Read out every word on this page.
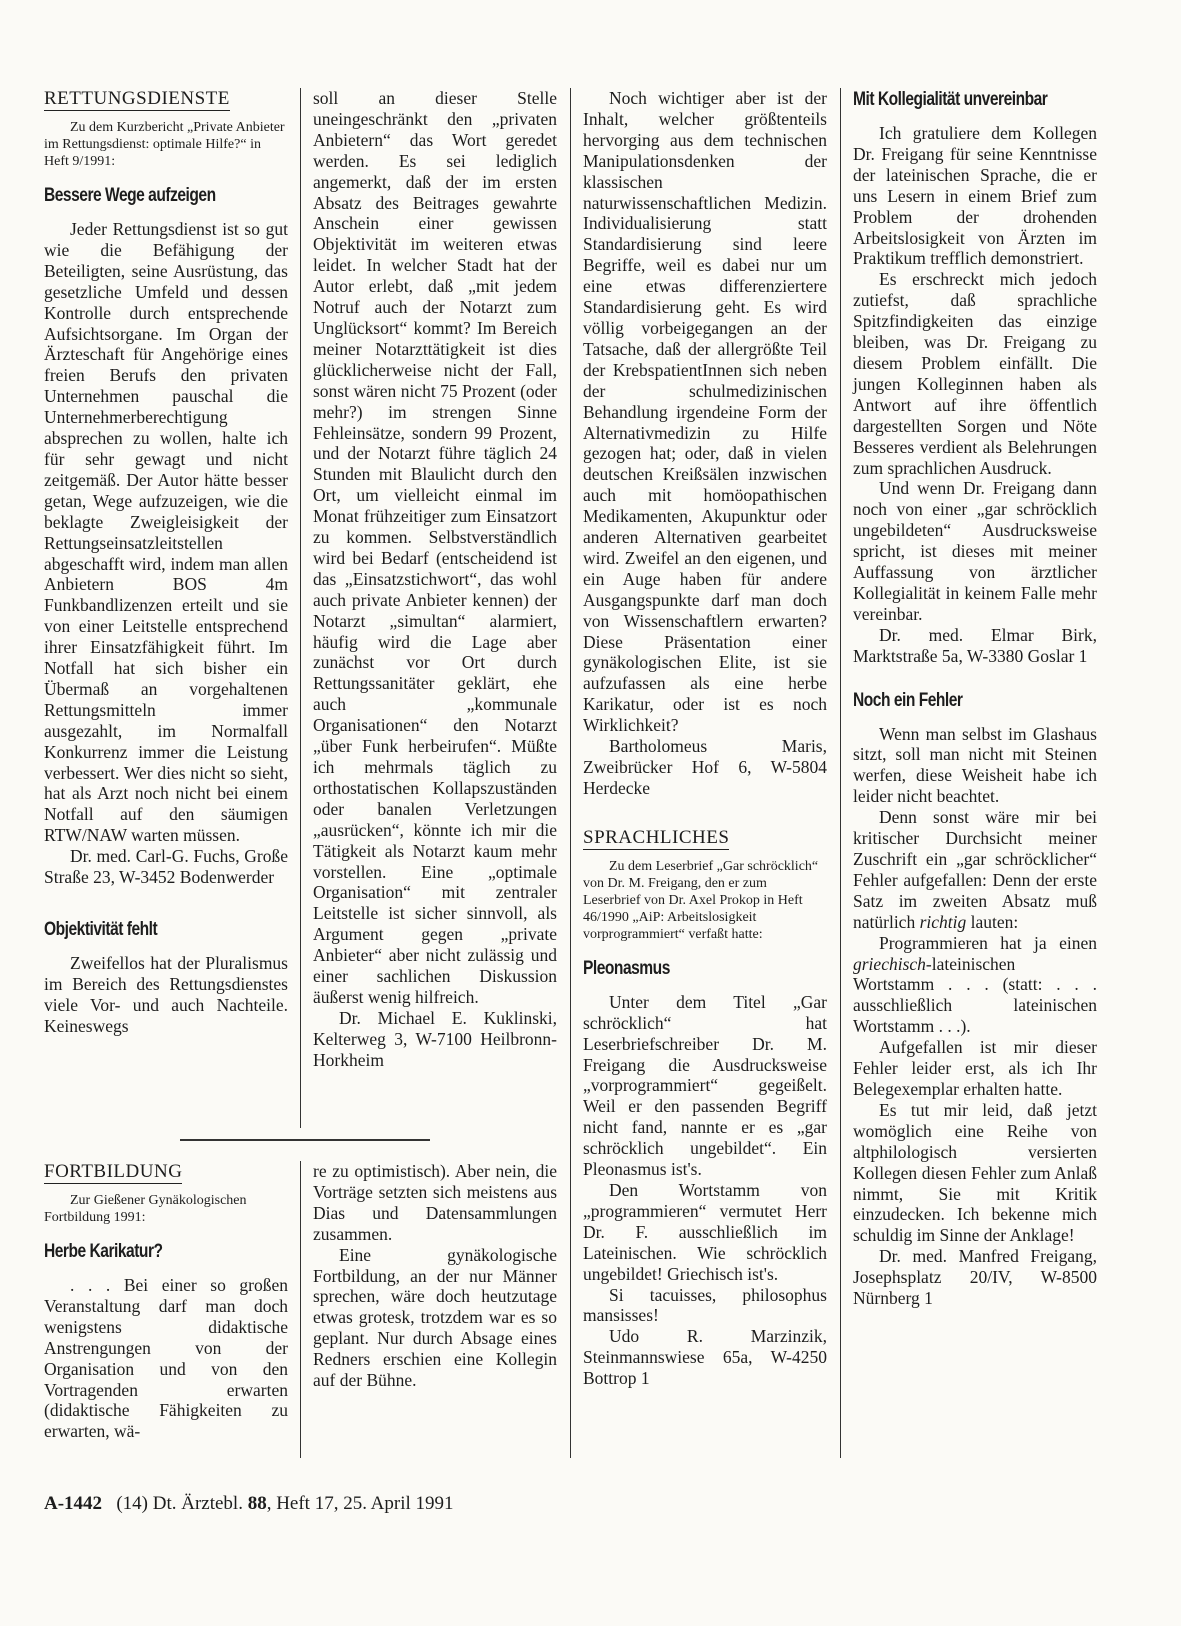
RETTUNGSDIENSTE
Zu dem Kurzbericht „Private Anbieter im Rettungsdienst: optimale Hilfe?“ in Heft 9/1991:
Bessere Wege aufzeigen

Jeder Rettungsdienst ist so gut wie die Befähigung der Beteiligten, seine Ausrüstung, das gesetzliche Umfeld und dessen Kontrolle durch entsprechende Aufsichtsorgane. Im Organ der Ärzteschaft für Angehörige eines freien Berufs den privaten Unternehmen pauschal die Unternehmerberechtigung absprechen zu wollen, halte ich für sehr gewagt und nicht zeitgemäß. Der Autor hätte besser getan, Wege aufzuzeigen, wie die beklagte Zweigleisigkeit der Rettungseinsatzleitstellen abgeschafft wird, indem man allen Anbietern BOS 4m Funkbandlizenzen erteilt und sie von einer Leitstelle entsprechend ihrer Einsatzfähigkeit führt. Im Notfall hat sich bisher ein Übermaß an vorgehaltenen Rettungsmitteln immer ausgezahlt, im Normalfall Konkurrenz immer die Leistung verbessert. Wer dies nicht so sieht, hat als Arzt noch nicht bei einem Notfall auf den säumigen RTW/NAW warten müssen.

Dr. med. Carl-G. Fuchs, Große Straße 23, W-3452 Bodenwerder

Objektivität fehlt

Zweifellos hat der Pluralismus im Bereich des Rettungsdienstes viele Vor- und auch Nachteile. Keineswegs

soll an dieser Stelle uneingeschränkt den „privaten Anbietern“ das Wort geredet werden. Es sei lediglich angemerkt, daß der im ersten Absatz des Beitrages gewahrte Anschein einer gewissen Objektivität im weiteren etwas leidet. In welcher Stadt hat der Autor erlebt, daß „mit jedem Notruf auch der Notarzt zum Unglücksort“ kommt? Im Bereich meiner Notarzttätigkeit ist dies glücklicherweise nicht der Fall, sonst wären nicht 75 Prozent (oder mehr?) im strengen Sinne Fehleinsätze, sondern 99 Prozent, und der Notarzt führe täglich 24 Stunden mit Blaulicht durch den Ort, um vielleicht einmal im Monat frühzeitiger zum Einsatzort zu kommen. Selbstverständlich wird bei Bedarf (entscheidend ist das „Einsatzstichwort“, das wohl auch private Anbieter kennen) der Notarzt „simultan“ alarmiert, häufig wird die Lage aber zunächst vor Ort durch Rettungssanitäter geklärt, ehe auch „kommunale Organisationen“ den Notarzt „über Funk herbeirufen“. Müßte ich mehrmals täglich zu orthostatischen Kollapszuständen oder banalen Verletzungen „ausrücken“, könnte ich mir die Tätigkeit als Notarzt kaum mehr vorstellen. Eine „optimale Organisation“ mit zentraler Leitstelle ist sicher sinnvoll, als Argument gegen „private Anbieter“ aber nicht zulässig und einer sachlichen Diskussion äußerst wenig hilfreich.

Dr. Michael E. Kuklinski, Kelterweg 3, W-7100 Heilbronn-Horkheim

Noch wichtiger aber ist der Inhalt, welcher größtenteils hervorging aus dem technischen Manipulationsdenken der klassischen naturwissenschaftlichen Medizin. Individualisierung statt Standardisierung sind leere Begriffe, weil es dabei nur um eine etwas differenziertere Standardisierung geht. Es wird völlig vorbeigegangen an der Tatsache, daß der allergrößte Teil der KrebspatientInnen sich neben der schulmedizinischen Behandlung irgendeine Form der Alternativmedizin zu Hilfe gezogen hat; oder, daß in vielen deutschen Kreißsälen inzwischen auch mit homöopathischen Medikamenten, Akupunktur oder anderen Alternativen gearbeitet wird. Zweifel an den eigenen, und ein Auge haben für andere Ausgangspunkte darf man doch von Wissenschaftlern erwarten? Diese Präsentation einer gynäkologischen Elite, ist sie aufzufassen als eine herbe Karikatur, oder ist es noch Wirklichkeit?

Bartholomeus Maris, Zweibrücker Hof 6, W-5804 Herdecke

SPRACHLICHES
Zu dem Leserbrief „Gar schröcklich“ von Dr. M. Freigang, den er zum Leserbrief von Dr. Axel Prokop in Heft 46/1990 „AiP: Arbeitslosigkeit vorprogrammiert“ verfaßt hatte:
Pleonasmus

Unter dem Titel „Gar schröcklich“ hat Leserbriefschreiber Dr. M. Freigang die Ausdrucksweise „vorprogrammiert“ gegeißelt. Weil er den passenden Begriff nicht fand, nannte er es „gar schröcklich ungebildet“. Ein Pleonasmus ist's.

Den Wortstamm von „programmieren“ vermutet Herr Dr. F. ausschließlich im Lateinischen. Wie schröcklich ungebildet! Griechisch ist's.

Si tacuisses, philosophus mansisses!

Udo R. Marzinzik, Steinmannswiese 65a, W-4250 Bottrop 1

Mit Kollegialität unvereinbar

Ich gratuliere dem Kollegen Dr. Freigang für seine Kenntnisse der lateinischen Sprache, die er uns Lesern in einem Brief zum Problem der drohenden Arbeitslosigkeit von Ärzten im Praktikum trefflich demonstriert.

Es erschreckt mich jedoch zutiefst, daß sprachliche Spitzfindigkeiten das einzige bleiben, was Dr. Freigang zu diesem Problem einfällt. Die jungen Kolleginnen haben als Antwort auf ihre öffentlich dargestellten Sorgen und Nöte Besseres verdient als Belehrungen zum sprachlichen Ausdruck.

Und wenn Dr. Freigang dann noch von einer „gar schröcklich ungebildeten“ Ausdrucksweise spricht, ist dieses mit meiner Auffassung von ärztlicher Kollegialität in keinem Falle mehr vereinbar.

Dr. med. Elmar Birk, Marktstraße 5a, W-3380 Goslar 1

Noch ein Fehler

Wenn man selbst im Glashaus sitzt, soll man nicht mit Steinen werfen, diese Weisheit habe ich leider nicht beachtet.

Denn sonst wäre mir bei kritischer Durchsicht meiner Zuschrift ein „gar schröcklicher“ Fehler aufgefallen: Denn der erste Satz im zweiten Absatz muß natürlich richtig lauten:

Programmieren hat ja einen griechisch-lateinischen Wortstamm . . . (statt: . . . ausschließlich lateinischen Wortstamm . . .).

Aufgefallen ist mir dieser Fehler leider erst, als ich Ihr Belegexemplar erhalten hatte.

Es tut mir leid, daß jetzt womöglich eine Reihe von altphilologisch versierten Kollegen diesen Fehler zum Anlaß nimmt, Sie mit Kritik einzudecken. Ich bekenne mich schuldig im Sinne der Anklage!

Dr. med. Manfred Freigang, Josephsplatz 20/IV, W-8500 Nürnberg 1

FORTBILDUNG
Zur Gießener Gynäkologischen Fortbildung 1991:
Herbe Karikatur?

. . . Bei einer so großen Veranstaltung darf man doch wenigstens didaktische Anstrengungen von der Organisation und von den Vortragenden erwarten (didaktische Fähigkeiten zu erwarten, wä-

re zu optimistisch). Aber nein, die Vorträge setzten sich meistens aus Dias und Datensammlungen zusammen.

Eine gynäkologische Fortbildung, an der nur Männer sprechen, wäre doch heutzutage etwas grotesk, trotzdem war es so geplant. Nur durch Absage eines Redners erschien eine Kollegin auf der Bühne.

A-1442 (14) Dt. Ärztebl. 88, Heft 17, 25. April 1991
